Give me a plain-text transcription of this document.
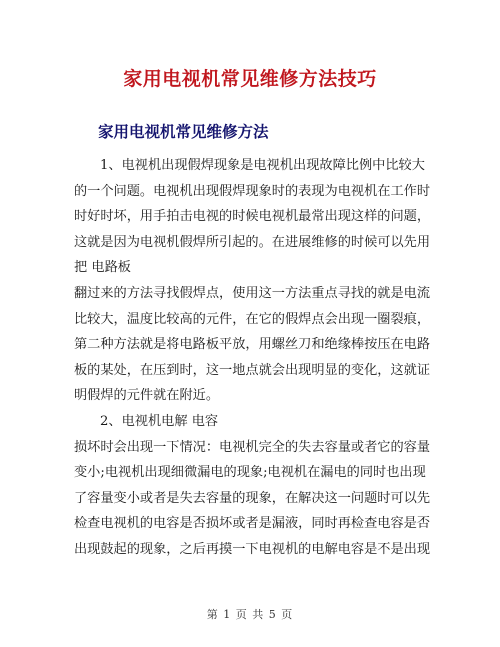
家用电视机常见维修方法技巧
家用电视机常见维修方法
1、电视机出现假焊现象是电视机出现故障比例中比较大
的一个问题。电视机出现假焊现象时的表现为电视机在工作时
时好时坏，用手拍击电视的时候电视机最常出现这样的问题，
这就是因为电视机假焊所引起的。在进展维修的时候可以先用
把 电路板
翻过来的方法寻找假焊点，使用这一方法重点寻找的就是电流
比较大，温度比较高的元件，在它的假焊点会出现一圈裂痕，
第二种方法就是将电路板平放，用螺丝刀和绝缘棒按压在电路
板的某处，在压到时，这一地点就会出现明显的变化，这就证
明假焊的元件就在附近。
2、电视机电解 电容
损坏时会出现一下情况：电视机完全的失去容量或者它的容量
变小;电视机出现细微漏电的现象;电视机在漏电的同时也出现
了容量变小或者是失去容量的现象，在解决这一问题时可以先
检查电视机的电容是否损坏或者是漏液，同时再检查电容是否
出现鼓起的现象，之后再摸一下电视机的电解电容是不是出现
第 1 页 共 5 页
